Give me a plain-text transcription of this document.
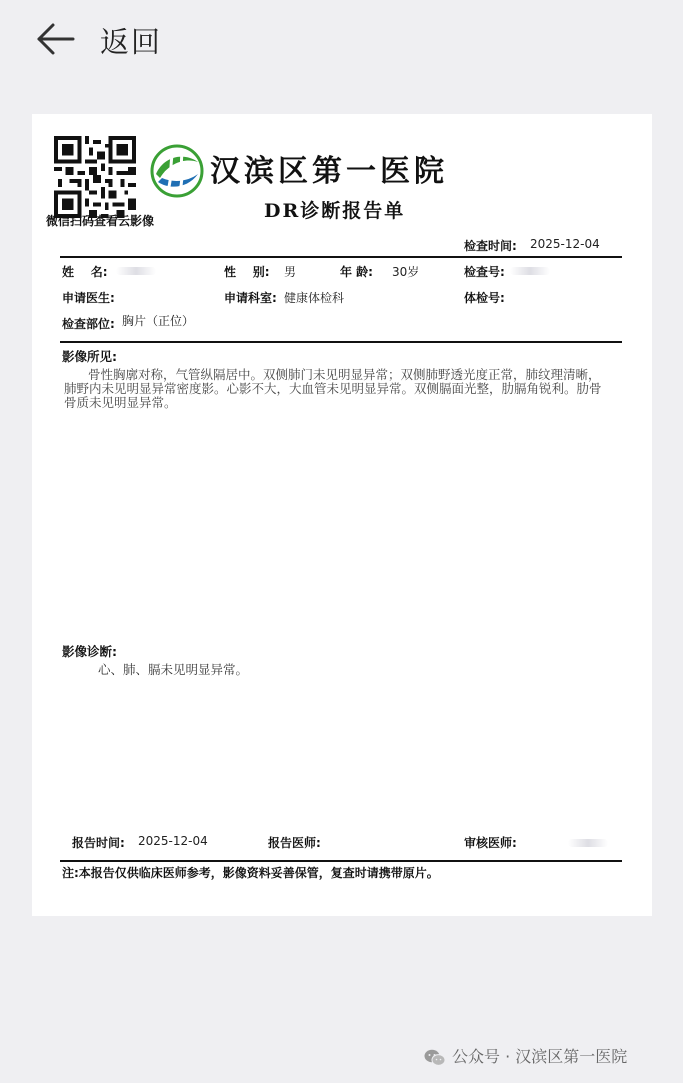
返回
微信扫码查看云影像
汉滨区第一医院
DR诊断报告单
检查时间: 2025-12-04
姓    名:	性    别: 男	年 龄: 30岁	检查号:
申请医生:	申请科室: 健康体检科	体检号:
检查部位: 胸片（正位）
影像所见:
骨性胸廓对称，气管纵隔居中。双侧肺门未见明显异常；双侧肺野透光度正常，肺纹理清晰，肺野内未见明显异常密度影。心影不大，大血管未见明显异常。双侧膈面光整，肋膈角锐利。肋骨骨质未见明显异常。
影像诊断:
心、肺、膈未见明显异常。
报告时间: 2025-12-04	报告医师:	审核医师:
注:本报告仅供临床医师参考，影像资料妥善保管，复查时请携带原片。
公众号 · 汉滨区第一医院
